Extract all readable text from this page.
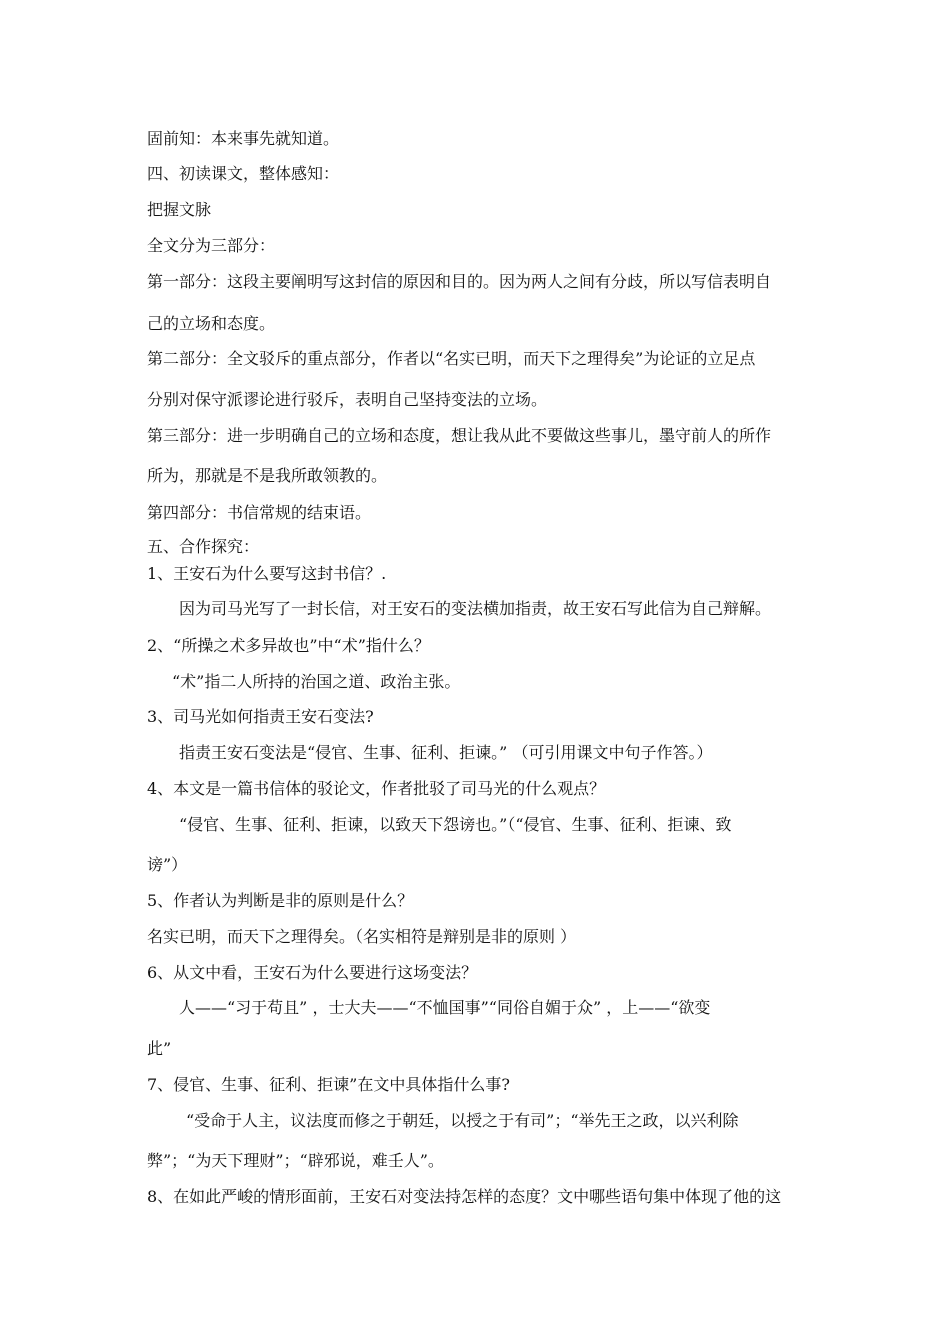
固前知：本来事先就知道。

四、初读课文，整体感知：

把握文脉

全文分为三部分：

第一部分：这段主要阐明写这封信的原因和目的。因为两人之间有分歧，所以写信表明自

己的立场和态度。

第二部分：全文驳斥的重点部分，作者以“名实已明，而天下之理得矣”为论证的立足点

分别对保守派谬论进行驳斥，表明自己坚持变法的立场。

第三部分：进一步明确自己的立场和态度，想让我从此不要做这些事儿，墨守前人的所作

所为，那就是不是我所敢领教的。

第四部分：书信常规的结束语。

五、合作探究：

1、王安石为什么要写这封书信？.

因为司马光写了一封长信，对王安石的变法横加指责，故王安石写此信为自己辩解。

2、“所操之术多异故也”中“术”指什么？

“术”指二人所持的治国之道、政治主张。

3、司马光如何指责王安石变法?

指责王安石变法是“侵官、生事、征利、拒谏。” （可引用课文中句子作答。）

4、本文是一篇书信体的驳论文，作者批驳了司马光的什么观点？

“侵官、生事、征利、拒谏，以致天下怨谤也。”（“侵官、生事、征利、拒谏、致

谤”）

5、作者认为判断是非的原则是什么？

名实已明，而天下之理得矣。（名实相符是辩别是非的原则 ）

6、从文中看，王安石为什么要进行这场变法？

人——“习于苟且” ，士大夫——“不恤国事”“同俗自媚于众” ，上——“欲变

此”

7、侵官、生事、征利、拒谏”在文中具体指什么事?

“受命于人主，议法度而修之于朝廷，以授之于有司”；“举先王之政，以兴利除

弊”；“为天下理财”；“辟邪说，难壬人”。

8、在如此严峻的情形面前，王安石对变法持怎样的态度？文中哪些语句集中体现了他的这
